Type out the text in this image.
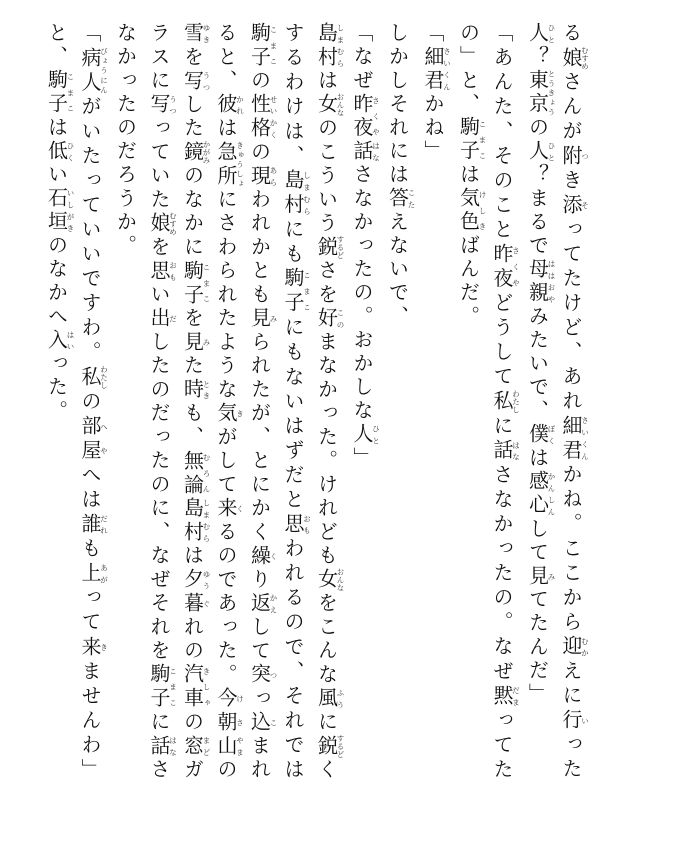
る娘むすめさんが附つき添そってたけど、あれ細君さいくんかね。ここから迎むかえに行いった人ひと？東京とうきょうの人ひと？まるで母親ははおやみたいで、僕ぼくは感心かんしんして見みてたんだ」

「あんた、そのこと昨夜さくやどうして私わたしに話はなさなかったの。なぜ黙だまってたの」と、駒子こまこは気色けしきばんだ。

「細君さいくんかね」

しかしそれには答こたえないで、

「なぜ昨夜さくや話はなさなかったの。おかしな人ひと」

島村しまむらは女おんなのこういう鋭するどさを好このまなかった。けれども女おんなをこんな風ふうに鋭するどくするわけは、島村しまむらにも駒子こまこにもないはずだと思おもわれるので、それでは駒子こまこの性格せいかくの現あらわれかとも見みられたが、とにかく繰くり返かえして突つっ込こまれると、彼かれは急所きゅうしょにさわられたような気きがして来くるのであった。今朝けさ山やまの雪ゆきを写うつした鏡かがみのなかに駒子こまこを見みた時ときも、無論むろん島村しまむらは夕ゆう暮ぐれの汽車きしゃの窓まどガラスに写うつっていた娘むすめを思おもい出だしたのだったのに、なぜそれを駒子こまこに話はなさなかったのだろうか。

「病人びょうにんがいたっていいですわ。私わたしの部屋へやへは誰だれも上あがって来きませんわ」と、駒子こまこは低ひくい石垣いしがきのなかへ入はいった。
